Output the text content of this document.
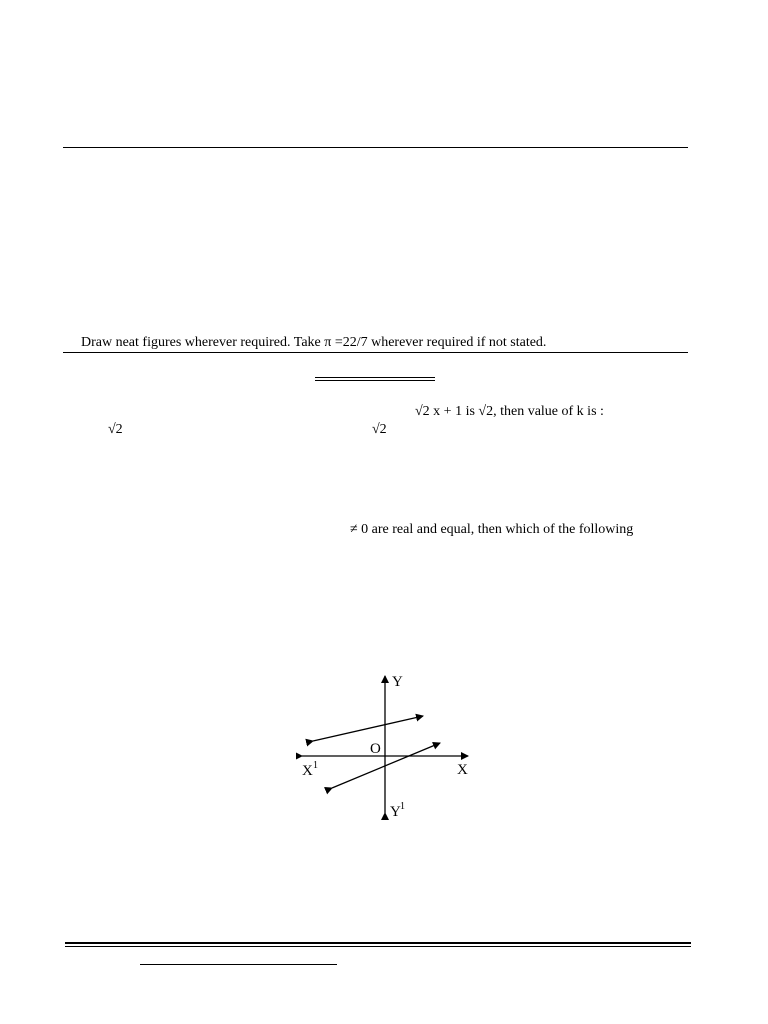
Draw neat figures wherever required. Take π =22/7 wherever required if not stated.
√2 x + 1 is √2, then value of k is :
√2	√2
≠ 0 are real and equal, then which of the following
Y
O
X 1	X
Y 1
